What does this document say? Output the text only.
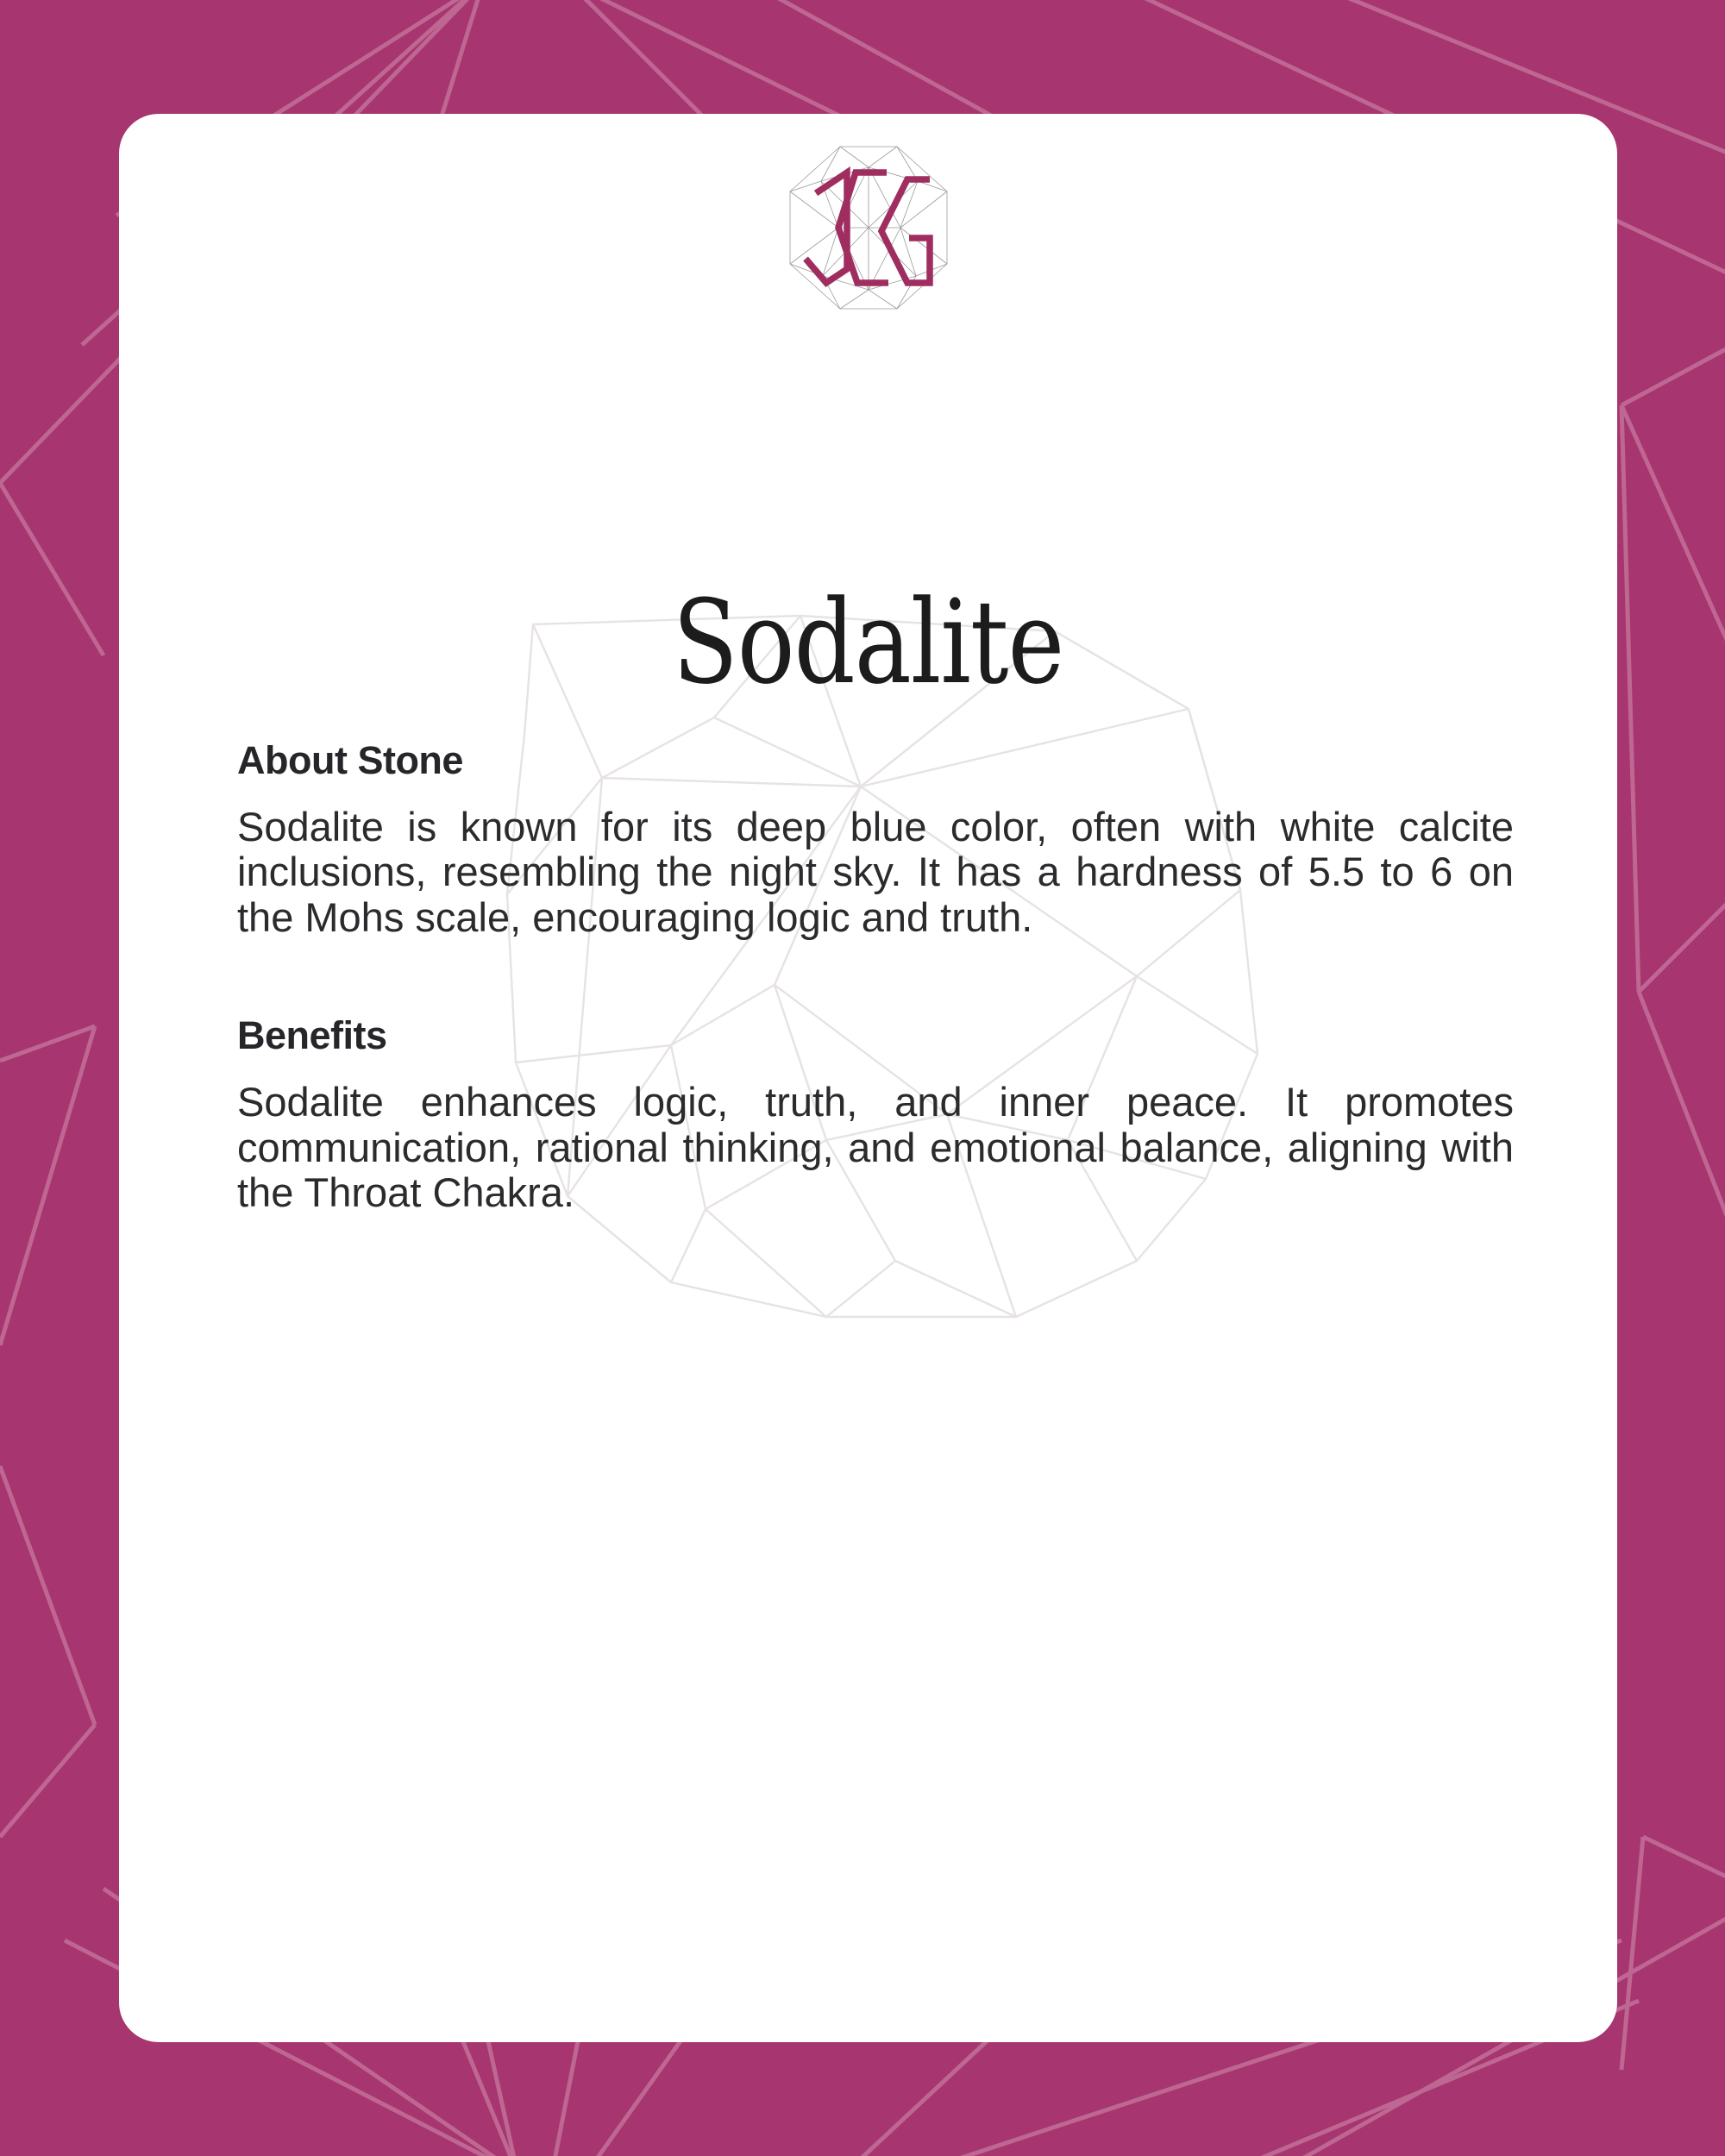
Sodalite
About Stone

Sodalite is known for its deep blue color, often with white calcite inclusions, resembling the night sky. It has a hardness of 5.5 to 6 on the Mohs scale, encouraging logic and truth.

Benefits

Sodalite enhances logic, truth, and inner peace. It promotes communication, rational thinking, and emotional balance, aligning with the Throat Chakra.
